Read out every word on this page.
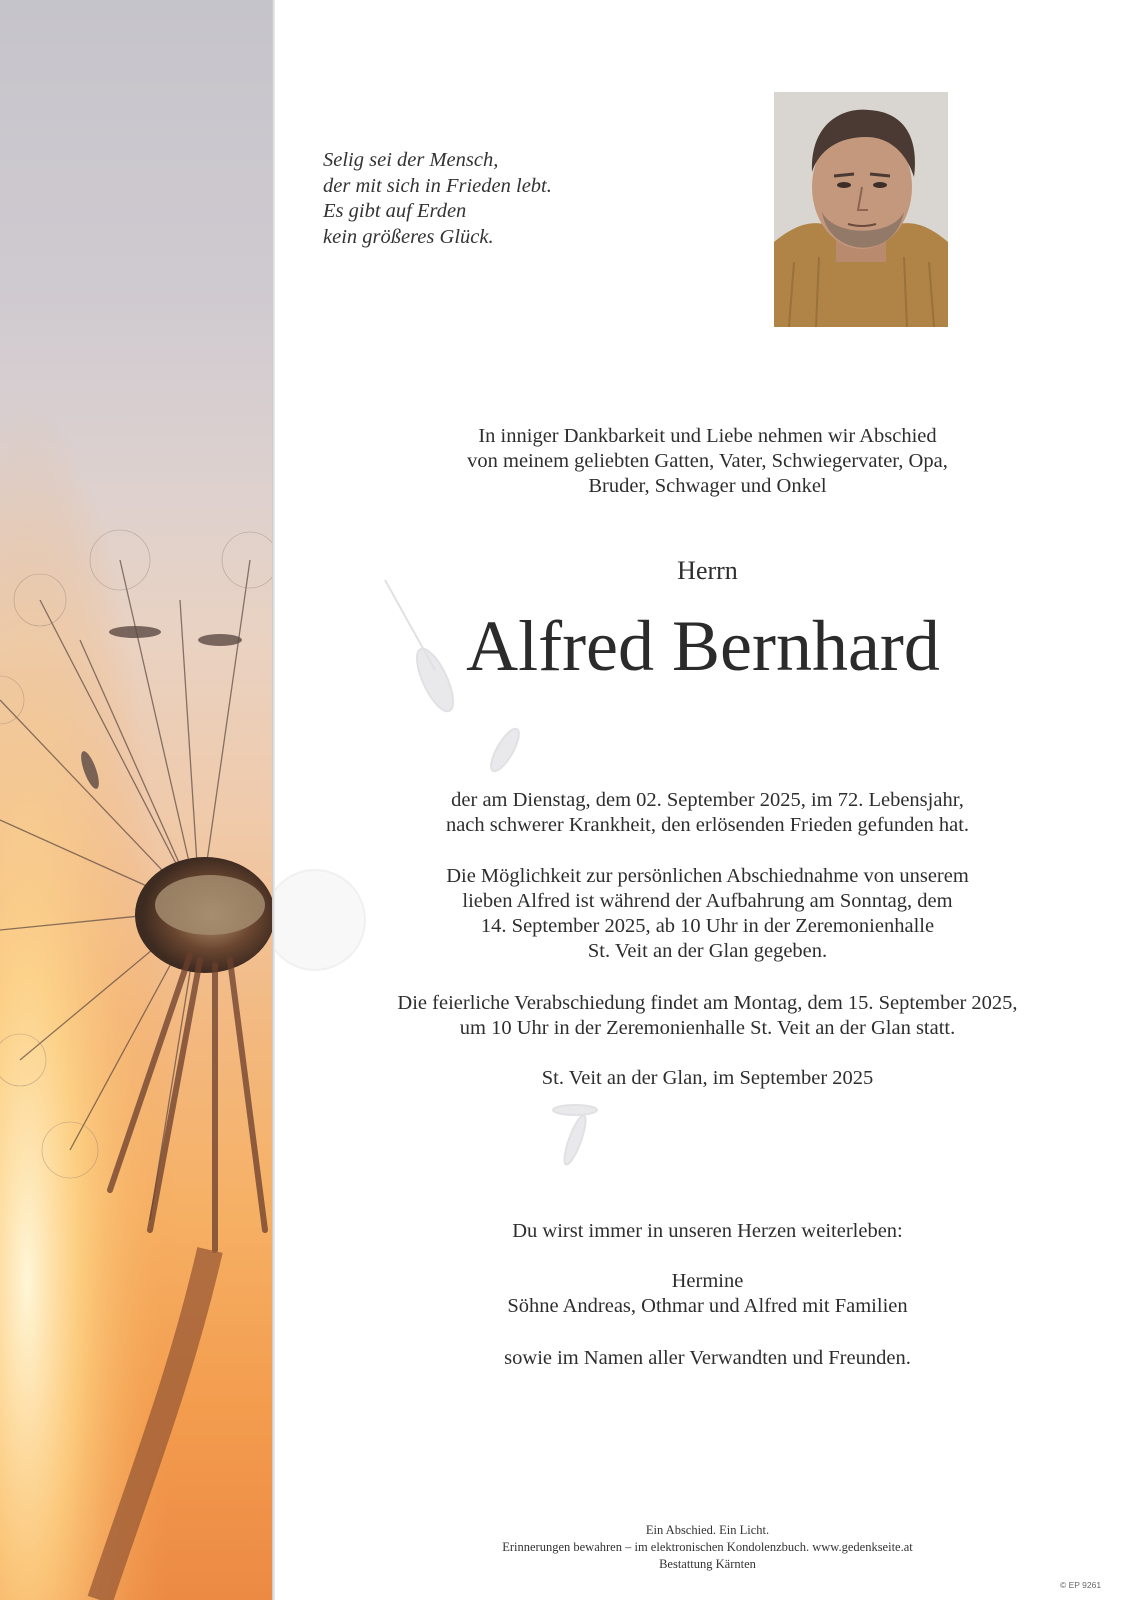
Selig sei der Mensch,
der mit sich in Frieden lebt.
Es gibt auf Erden
kein größeres Glück.
In inniger Dankbarkeit und Liebe nehmen wir Abschied
von meinem geliebten Gatten, Vater, Schwiegervater, Opa,
Bruder, Schwager und Onkel
Herrn
Alfred Bernhard
der am Dienstag, dem 02. September 2025, im 72. Lebensjahr,
nach schwerer Krankheit, den erlösenden Frieden gefunden hat.
Die Möglichkeit zur persönlichen Abschiednahme von unserem
lieben Alfred ist während der Aufbahrung am Sonntag, dem
14. September 2025, ab 10 Uhr in der Zeremonienhalle
St. Veit an der Glan gegeben.
Die feierliche Verabschiedung findet am Montag, dem 15. September 2025,
um 10 Uhr in der Zeremonienhalle St. Veit an der Glan statt.
St. Veit an der Glan, im September 2025
Du wirst immer in unseren Herzen weiterleben:
Hermine
Söhne Andreas, Othmar und Alfred mit Familien
sowie im Namen aller Verwandten und Freunden.
Ein Abschied. Ein Licht.
Erinnerungen bewahren – im elektronischen Kondolenzbuch. www.gedenkseite.at
Bestattung Kärnten
© EP 9261
